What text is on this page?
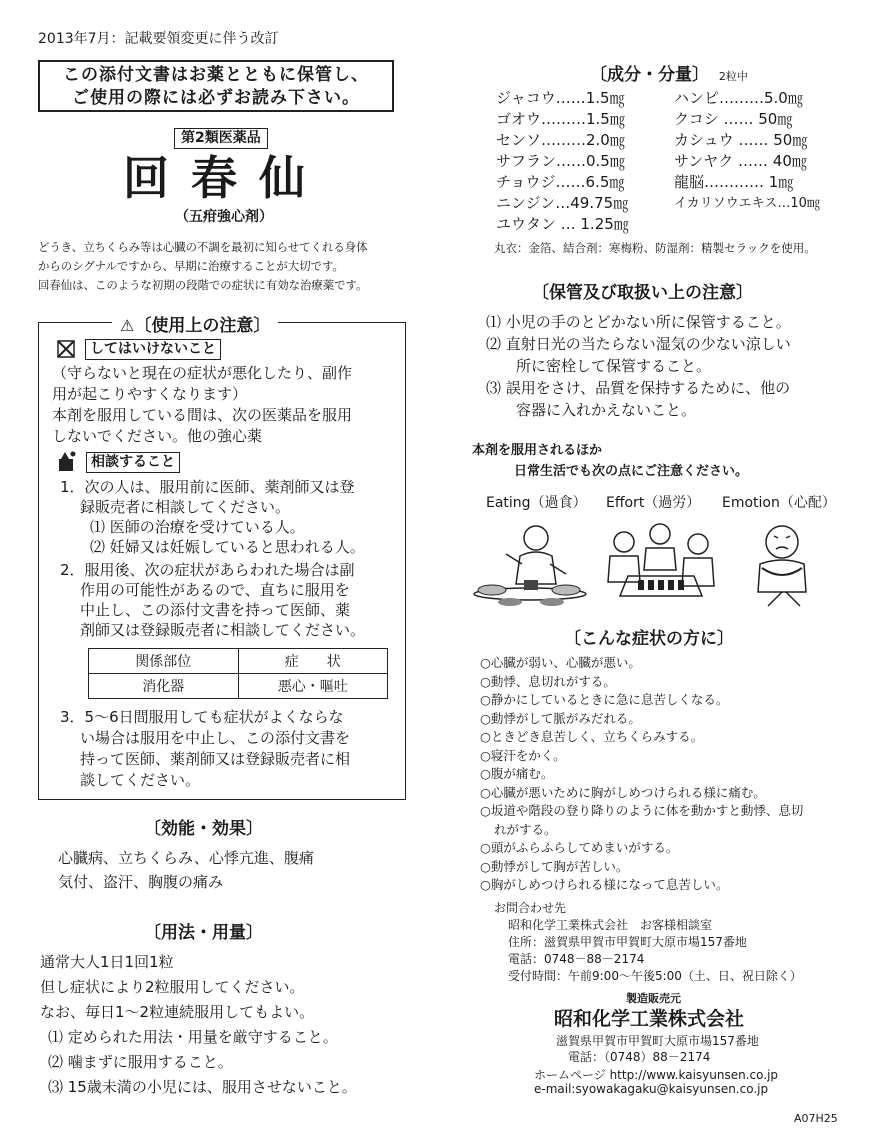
2013年7月：記載要領変更に伴う改訂
この添付文書はお薬とともに保管し、
ご使用の際には必ずお読み下さい。
第2類医薬品
回春仙
（五疳強心剤）

どうき、立ちくらみ等は心臓の不調を最初に知らせてくれる身体

からのシグナルですから、早期に治療することが大切です。

回春仙は、このような初期の段階での症状に有効な治療薬です。

⚠〔使用上の注意〕
してはいけないこと
（守らないと現在の症状が悪化したり、副作
用が起こりやすくなります）
本剤を服用している間は、次の医薬品を服用
しないでください。他の強心薬
相談すること
1．次の人は、服用前に医師、薬剤師又は登
録販売者に相談してください。
⑴ 医師の治療を受けている人。
⑵ 妊婦又は妊娠していると思われる人。
2．服用後、次の症状があらわれた場合は副
作用の可能性があるので、直ちに服用を
中止し、この添付文書を持って医師、薬
剤師又は登録販売者に相談してください。
関係部位	症　　状
消化器	悪心・嘔吐
3．5～6日間服用しても症状がよくならな
い場合は服用を中止し、この添付文書を
持って医師、薬剤師又は登録販売者に相
談してください。
〔効能・効果〕
心臓病、立ちくらみ、心悸亢進、腹痛
気付、盗汗、胸腹の痛み
〔用法・用量〕
通常大人1日1回1粒
但し症状により2粒服用してください。
なお、毎日1～2粒連続服用してもよい。
⑴ 定められた用法・用量を厳守すること。
⑵ 噛まずに服用すること。
⑶ 15歳未満の小児には、服用させないこと。
〔成分・分量〕 2粒中
ジャコウ……1.5㎎
ゴオウ………1.5㎎
センソ………2.0㎎
サフラン……0.5㎎
チョウジ……6.5㎎
ニンジン…49.75㎎
ユウタン … 1.25㎎
ハンピ………5.0㎎
クコシ …… 50㎎
カシュウ …… 50㎎
サンヤク …… 40㎎
龍脳………… 1㎎
イカリソウエキス…10㎎
丸衣：金箔、結合剤：寒梅粉、防湿剤：精製セラックを使用。
〔保管及び取扱い上の注意〕
⑴ 小児の手のとどかない所に保管すること。
⑵ 直射日光の当たらない湿気の少ない涼しい
所に密栓して保管すること。
⑶ 誤用をさけ、品質を保持するために、他の
容器に入れかえないこと。
本剤を服用されるほか
日常生活でも次の点にご注意ください。
Eating（過食） Effort（過労） Emotion（心配）
〔こんな症状の方に〕
○心臓が弱い、心臓が悪い。
○動悸、息切れがする。
○静かにしているときに急に息苦しくなる。
○動悸がして脈がみだれる。
○ときどき息苦しく、立ちくらみする。
○寝汗をかく。
○腹が痛む。
○心臓が悪いために胸がしめつけられる様に痛む。
○坂道や階段の登り降りのように体を動かすと動悸、息切
れがする。
○頭がふらふらしてめまいがする。
○動悸がして胸が苦しい。
○胸がしめつけられる様になって息苦しい。
お問合わせ先
昭和化学工業株式会社　お客様相談室
住所：滋賀県甲賀市甲賀町大原市場157番地
電話：0748－88－2174
受付時間：午前9:00～午後5:00（土、日、祝日除く）
製造販売元
昭和化学工業株式会社
滋賀県甲賀市甲賀町大原市場157番地
電話：（0748）88－2174
ホームページ http://www.kaisyunsen.co.jp
e-mail:syowakagaku@kaisyunsen.co.jp
A07H25
